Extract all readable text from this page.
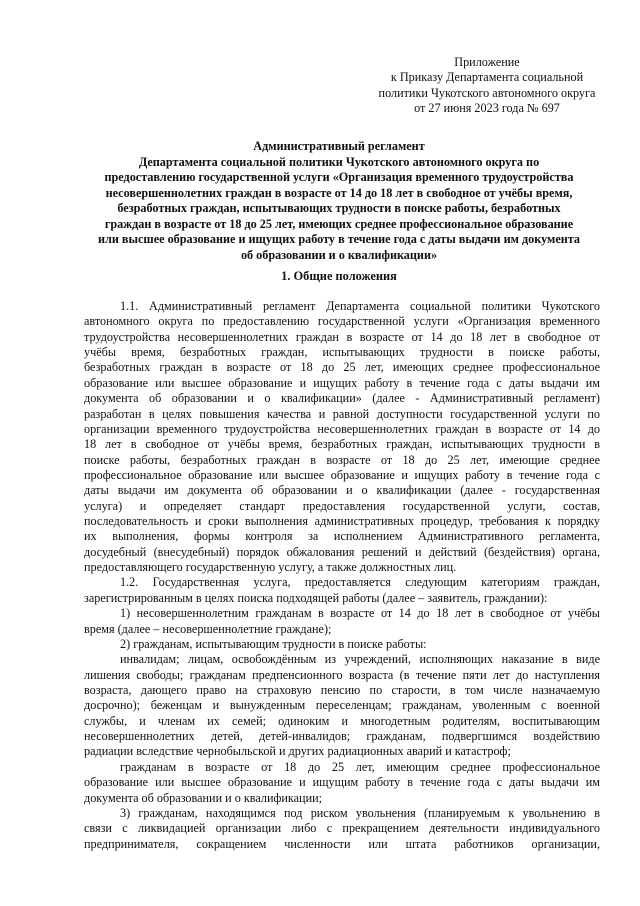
Приложение
к Приказу Департамента социальной
политики Чукотского автономного округа
от 27 июня 2023 года № 697
Административный регламент
Департамента социальной политики Чукотского автономного округа по
предоставлению государственной услуги «Организация временного трудоустройства
несовершеннолетних граждан в возрасте от 14 до 18 лет в свободное от учёбы время,
безработных граждан, испытывающих трудности в поиске работы, безработных
граждан в возрасте от 18 до 25 лет, имеющих среднее профессиональное образование
или высшее образование и ищущих работу в течение года с даты выдачи им документа
об образовании и о квалификации»
1. Общие положения
1.1. Административный регламент Департамента социальной политики Чукотского
автономного округа по предоставлению государственной услуги «Организация временного
трудоустройства несовершеннолетних граждан в возрасте от 14 до 18 лет в свободное от
учёбы время, безработных граждан, испытывающих трудности в поиске работы,
безработных граждан в возрасте от 18 до 25 лет, имеющих среднее профессиональное
образование или высшее образование и ищущих работу в течение года с даты выдачи им
документа об образовании и о квалификации» (далее - Административный регламент)
разработан в целях повышения качества и равной доступности государственной услуги по
организации временного трудоустройства несовершеннолетних граждан в возрасте от 14 до
18 лет в свободное от учёбы время, безработных граждан, испытывающих трудности в
поиске работы, безработных граждан в возрасте от 18 до 25 лет, имеющие среднее
профессиональное образование или высшее образование и ищущих работу в течение года с
даты выдачи им документа об образовании и о квалификации (далее - государственная
услуга) и определяет стандарт предоставления государственной услуги, состав,
последовательность и сроки выполнения административных процедур, требования к порядку
их выполнения, формы контроля за исполнением Административного регламента,
досудебный (внесудебный) порядок обжалования решений и действий (бездействия) органа,
предоставляющего государственную услугу, а также должностных лиц.
1.2. Государственная услуга, предоставляется следующим категориям граждан,
зарегистрированным в целях поиска подходящей работы (далее – заявитель, граждании):
1) несовершеннолетним гражданам в возрасте от 14 до 18 лет в свободное от учёбы
время (далее – несовершеннолетние граждане);
2) гражданам, испытывающим трудности в поиске работы:
инвалидам; лицам, освобождённым из учреждений, исполняющих наказание в виде
лишения свободы; гражданам предпенсионного возраста (в течение пяти лет до наступления
возраста, дающего право на страховую пенсию по старости, в том числе назначаемую
досрочно); беженцам и вынужденным переселенцам; гражданам, уволенным с военной
службы, и членам их семей; одиноким и многодетным родителям, воспитывающим
несовершеннолетних детей, детей-инвалидов; гражданам, подвергшимся воздействию
радиации вследствие чернобыльской и других радиационных аварий и катастроф;
гражданам в возрасте от 18 до 25 лет, имеющим среднее профессиональное
образование или высшее образование и ищущим работу в течение года с даты выдачи им
документа об образовании и о квалификации;
3) гражданам, находящимся под риском увольнения (планируемым к увольнению в
связи с ликвидацией организации либо с прекращением деятельности индивидуального
предпринимателя, сокращением численности или штата работников организации,
